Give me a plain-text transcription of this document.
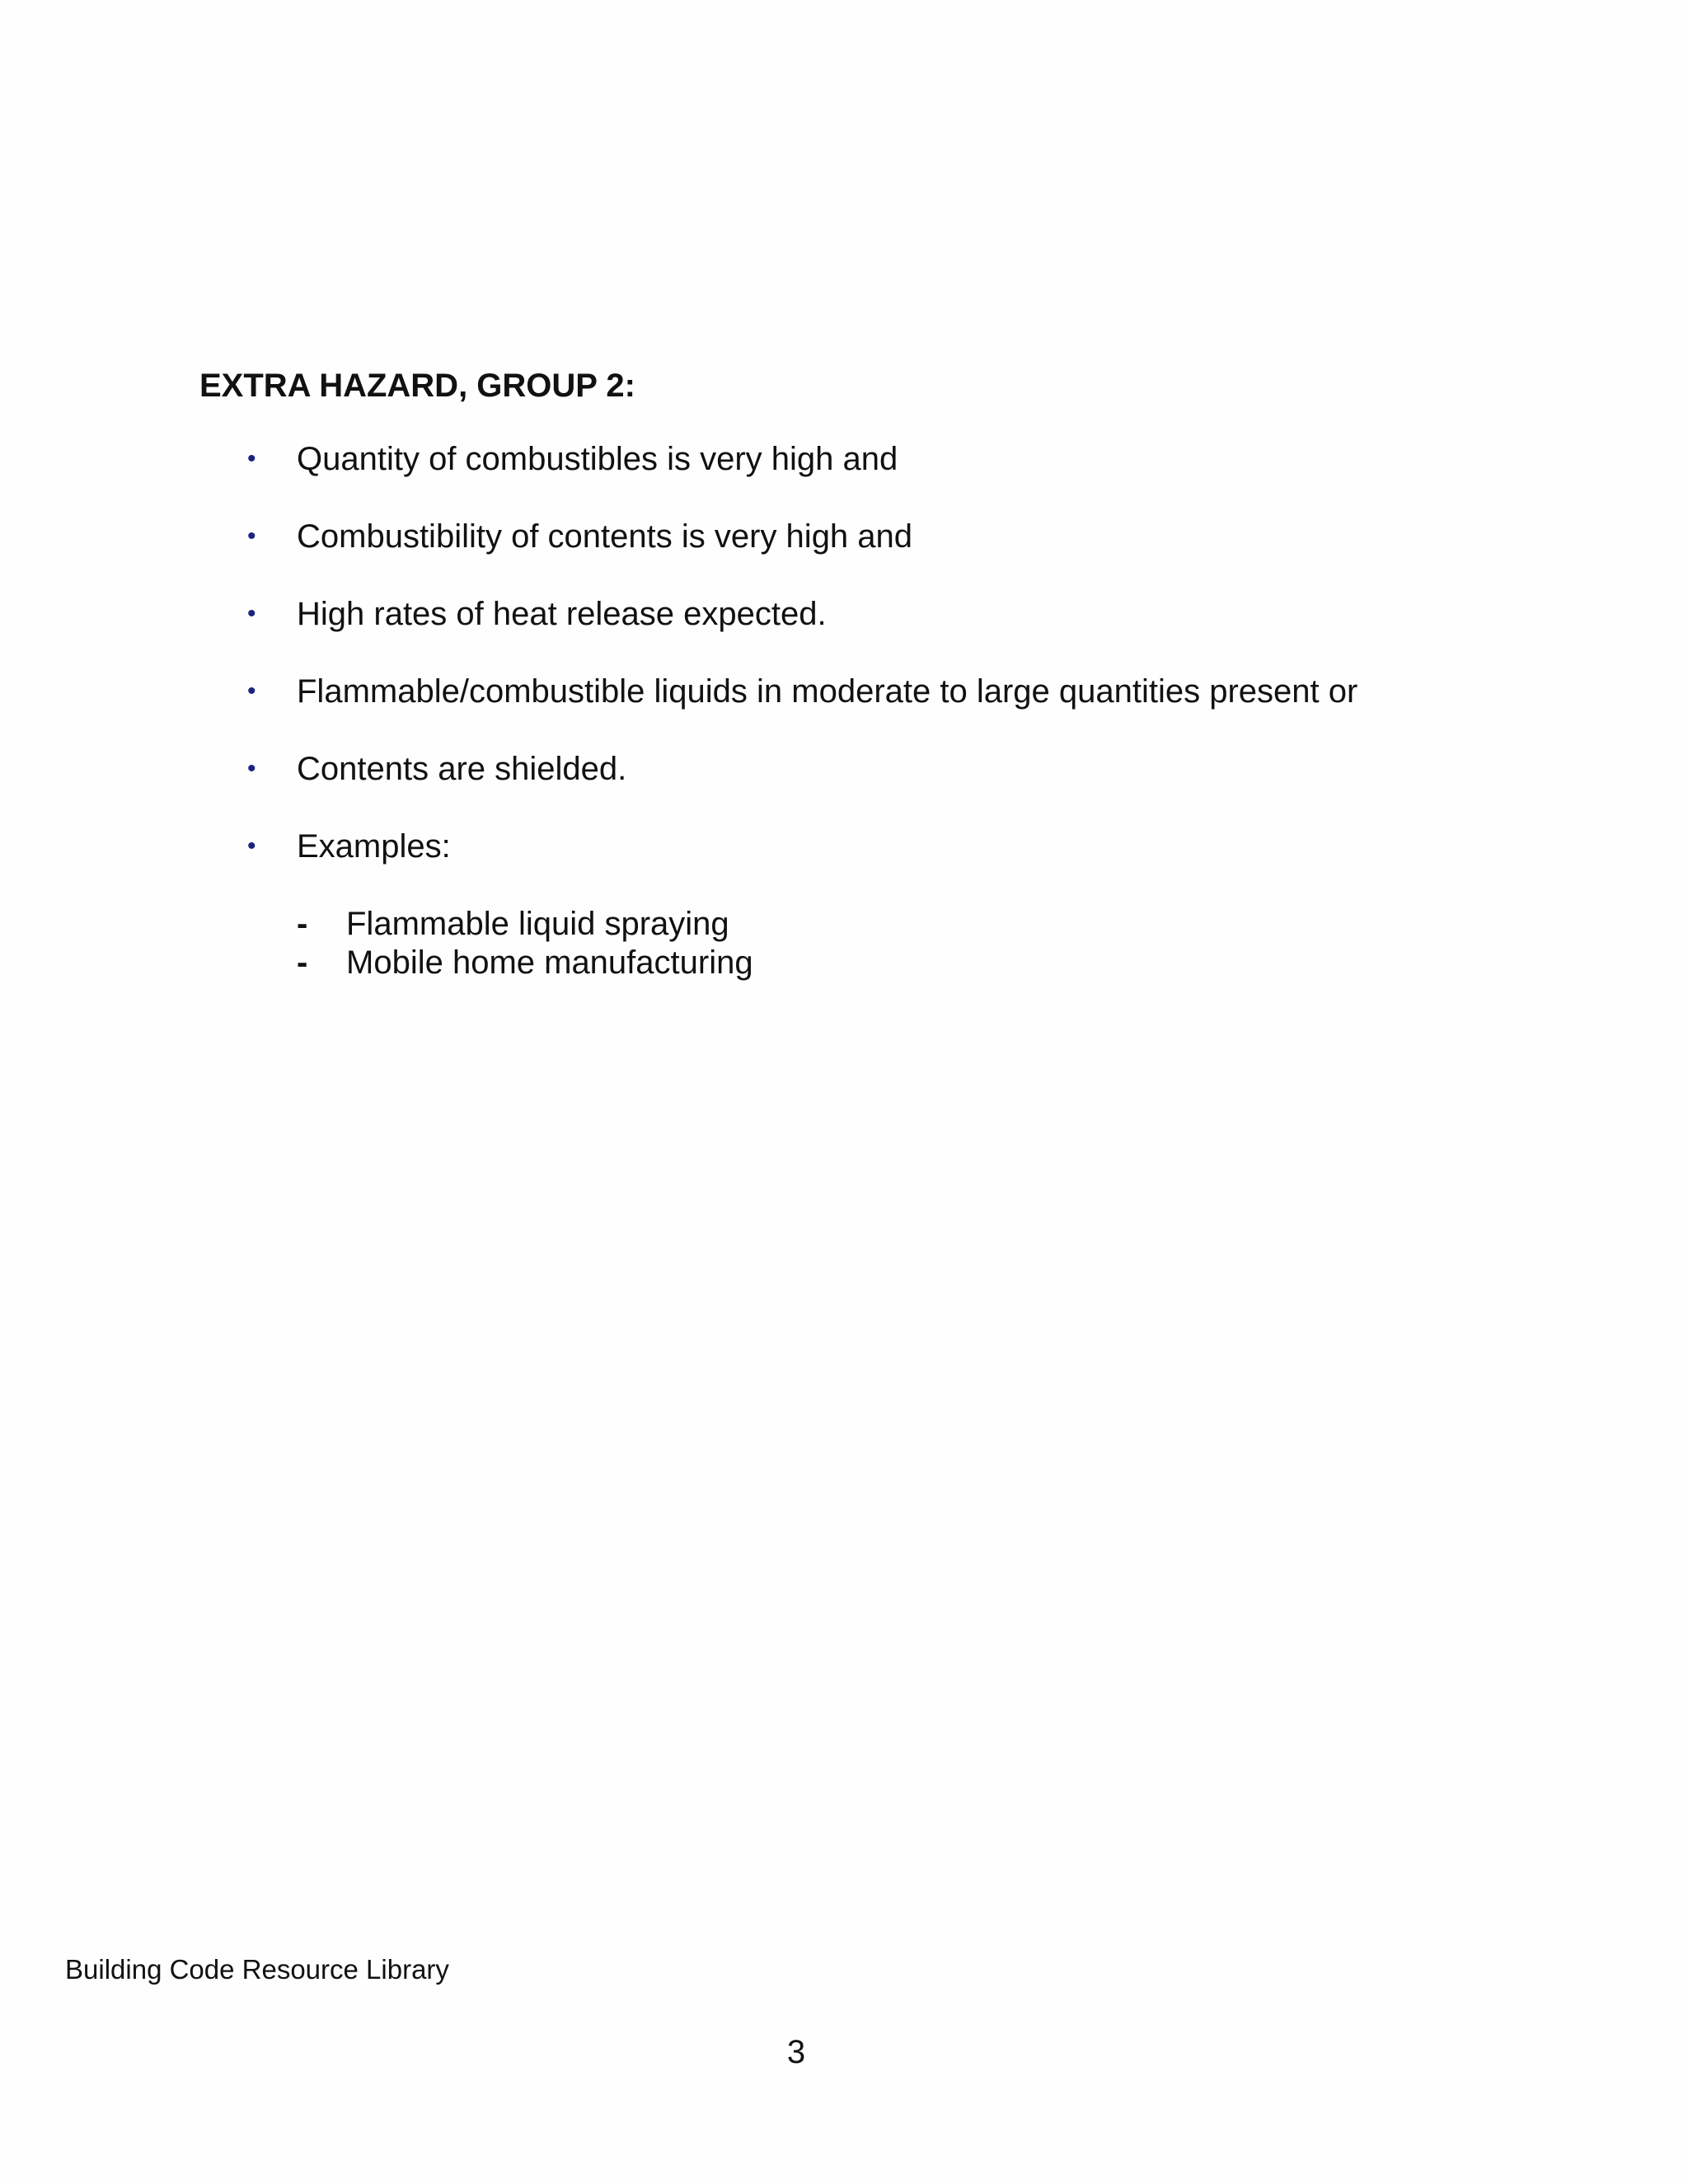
EXTRA HAZARD, GROUP 2:
• Quantity of combustibles is very high and
• Combustibility of contents is very high and
• High rates of heat release expected.
• Flammable/combustible liquids in moderate to large quantities present or
• Contents are shielded.
• Examples:
- Flammable liquid spraying
- Mobile home manufacturing
Building Code Resource Library
3
